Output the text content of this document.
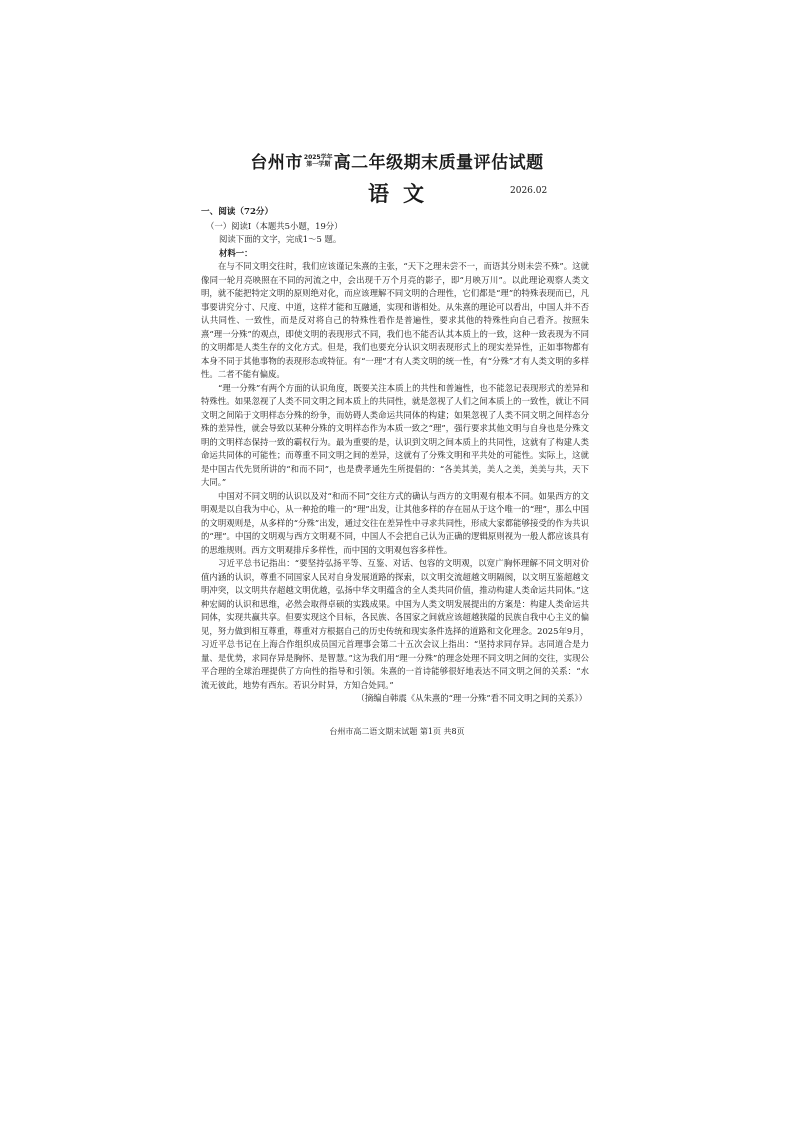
台州市2025学年
第一学期 高二年级期末质量评估试题
语文	2026.02
一、阅读（72分）
（一）阅读Ⅰ（本题共5小题，19分）
阅读下面的文字，完成1～5 题。
材料一：

在与不同文明交往时，我们应该谨记朱熹的主张，“天下之理未尝不一，而语其分则未尝不殊”。这就像同一轮月亮映照在不同的河流之中，会出现千万个月亮的影子，即“月映万川”。以此理论观察人类文明，就不能把特定文明的原则绝对化，而应该理解不同文明的合理性，它们都是“理”的特殊表现而已，凡事要讲究分寸、尺度、中道，这样才能和互融通，实现和谐相处。从朱熹的理论可以看出，中国人并不否认共同性、一致性，而是反对将自己的特殊性看作是普遍性，要求其他的特殊性向自己看齐。按照朱熹“理一分殊”的观点，即使文明的表现形式不同，我们也不能否认其本质上的一致，这种一致表现为不同的文明都是人类生存的文化方式。但是，我们也要充分认识文明表现形式上的现实差异性，正如事物都有本身不同于其他事物的表现形态或特征。有“一理”才有人类文明的统一性，有“分殊”才有人类文明的多样性。二者不能有偏废。

“理一分殊”有两个方面的认识角度，既要关注本质上的共性和普遍性，也不能忽记表现形式的差异和特殊性。如果忽视了人类不同文明之间本质上的共同性，就是忽视了人们之间本质上的一致性，就让不同文明之间陷于文明样态分殊的纷争，而妨碍人类命运共同体的构建；如果忽视了人类不同文明之间样态分殊的差异性，就会导致以某种分殊的文明样态作为本质一致之“理”，强行要求其他文明与自身也是分殊文明的文明样态保持一致的霸权行为。最为重要的是，认识到文明之间本质上的共同性，这就有了构建人类命运共同体的可能性；而尊重不同文明之间的差异，这就有了分殊文明和平共处的可能性。实际上，这就是中国古代先贤所讲的“和而不同”，也是费孝通先生所提倡的：“各美其美，美人之美，美美与共，天下大同。”

中国对不同文明的认识以及对“和而不同”交往方式的确认与西方的文明观有根本不同。如果西方的文明观是以自我为中心，从一种抢的唯一的“理”出发，让其他多样的存在屈从于这个唯一的“理”，那么中国的文明观则是，从多样的“分殊”出发，通过交往在差异性中寻求共同性，形成大家都能够接受的作为共识的“理”。中国的文明观与西方文明观不同，中国人不会把自己认为正确的逻辑原则视为一般人都应该具有的思维规则。西方文明观排斥多样性，而中国的文明观包容多样性。

习近平总书记指出：“要坚持弘扬平等、互鉴、对话、包容的文明观，以宽广胸怀理解不同文明对价值内涵的认识，尊重不同国家人民对自身发展道路的探索，以文明交流超越文明隔阂，以文明互鉴超越文明冲突，以文明共存超越文明优越，弘扬中华文明蕴含的全人类共同价值，推动构建人类命运共同体。”这种宏阔的认识和思维，必然会取得卓硕的实践成果。中国为人类文明发展提出的方案是：构建人类命运共同体，实现共赢共享。但要实现这个目标，各民族、各国家之间就应该超越狭隘的民族自我中心主义的偏见，努力做到相互尊重，尊重对方根据自己的历史传统和现实条件选择的道路和文化理念。2025年9月，习近平总书记在上海合作组织成员国元首理事会第二十五次会议上指出：“坚持求同存异。志同道合是力量、是优势，求同存异是胸怀、是智慧。”这为我们用“理一分殊”的理念处理不同文明之间的交往，实现公平合理的全球治理提供了方向性的指导和引领。朱熹的一首诗能够很好地表达不同文明之间的关系：“水流无彼此，地势有西东。若识分时异，方知合处同。”

（摘编自韩震《从朱熹的“理一分殊”看不同文明之间的关系》）

台州市高二语文期末试题 第1页 共8页
